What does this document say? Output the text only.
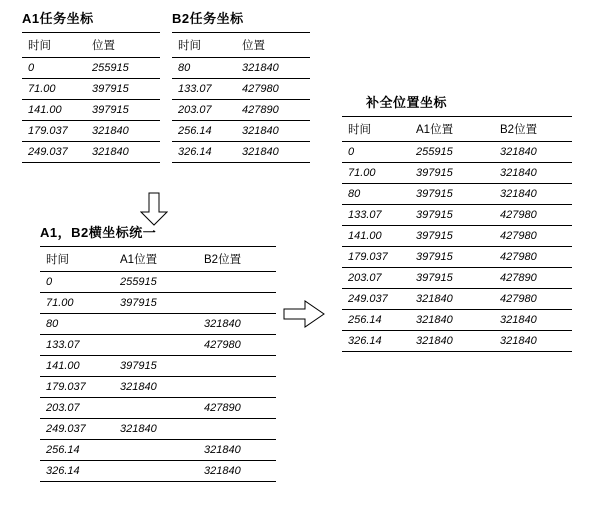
A1任务坐标
时间	位置
0	255915
71.00	397915
141.00	397915
179.037	321840
249.037	321840
B2任务坐标
时间	位置
80	321840
133.07	427980
203.07	427890
256.14	321840
326.14	321840
A1，B2横坐标统一
时间	A1位置	B2位置
0	255915	
71.00	397915	
80		321840
133.07		427980
141.00	397915	
179.037	321840	
203.07		427890
249.037	321840	
256.14		321840
326.14		321840
补全位置坐标
时间	A1位置	B2位置
0	255915	321840
71.00	397915	321840
80	397915	321840
133.07	397915	427980
141.00	397915	427980
179.037	397915	427980
203.07	397915	427890
249.037	321840	427980
256.14	321840	321840
326.14	321840	321840
